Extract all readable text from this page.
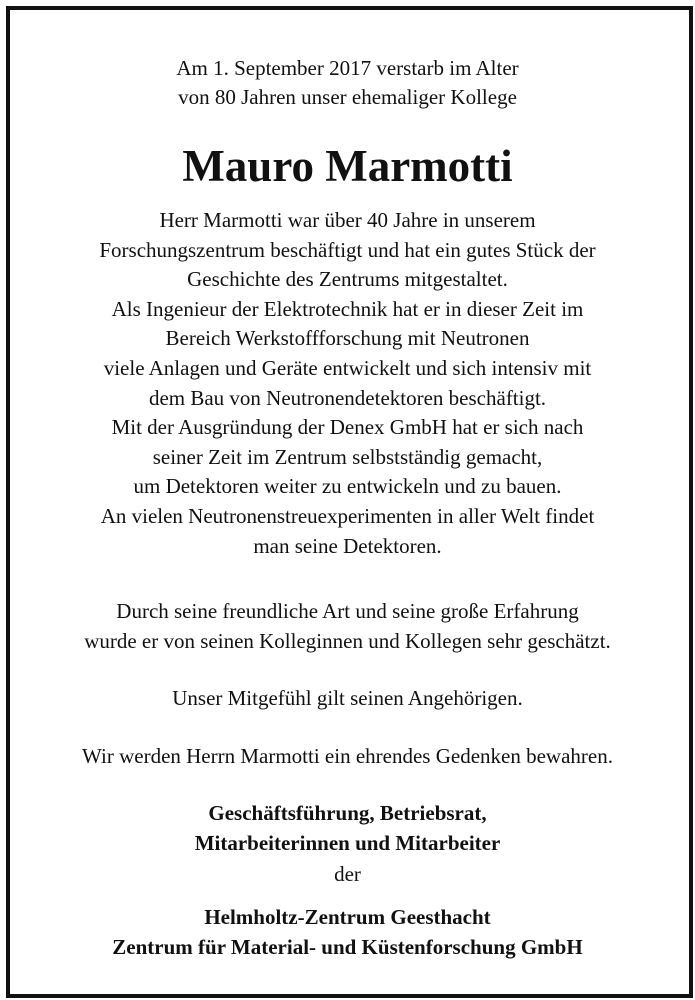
Am 1. September 2017 verstarb im Alter
von 80 Jahren unser ehemaliger Kollege
Mauro Marmotti
Herr Marmotti war über 40 Jahre in unserem
Forschungszentrum beschäftigt und hat ein gutes Stück der
Geschichte des Zentrums mitgestaltet.
Als Ingenieur der Elektrotechnik hat er in dieser Zeit im
Bereich Werkstoffforschung mit Neutronen
viele Anlagen und Geräte entwickelt und sich intensiv mit
dem Bau von Neutronendetektoren beschäftigt.
Mit der Ausgründung der Denex GmbH hat er sich nach
seiner Zeit im Zentrum selbstständig gemacht,
um Detektoren weiter zu entwickeln und zu bauen.
An vielen Neutronenstreuexperimenten in aller Welt findet
man seine Detektoren.
Durch seine freundliche Art und seine große Erfahrung
wurde er von seinen Kolleginnen und Kollegen sehr geschätzt.
Unser Mitgefühl gilt seinen Angehörigen.
Wir werden Herrn Marmotti ein ehrendes Gedenken bewahren.
Geschäftsführung, Betriebsrat,
Mitarbeiterinnen und Mitarbeiter
der
Helmholtz-Zentrum Geesthacht
Zentrum für Material- und Küstenforschung GmbH
